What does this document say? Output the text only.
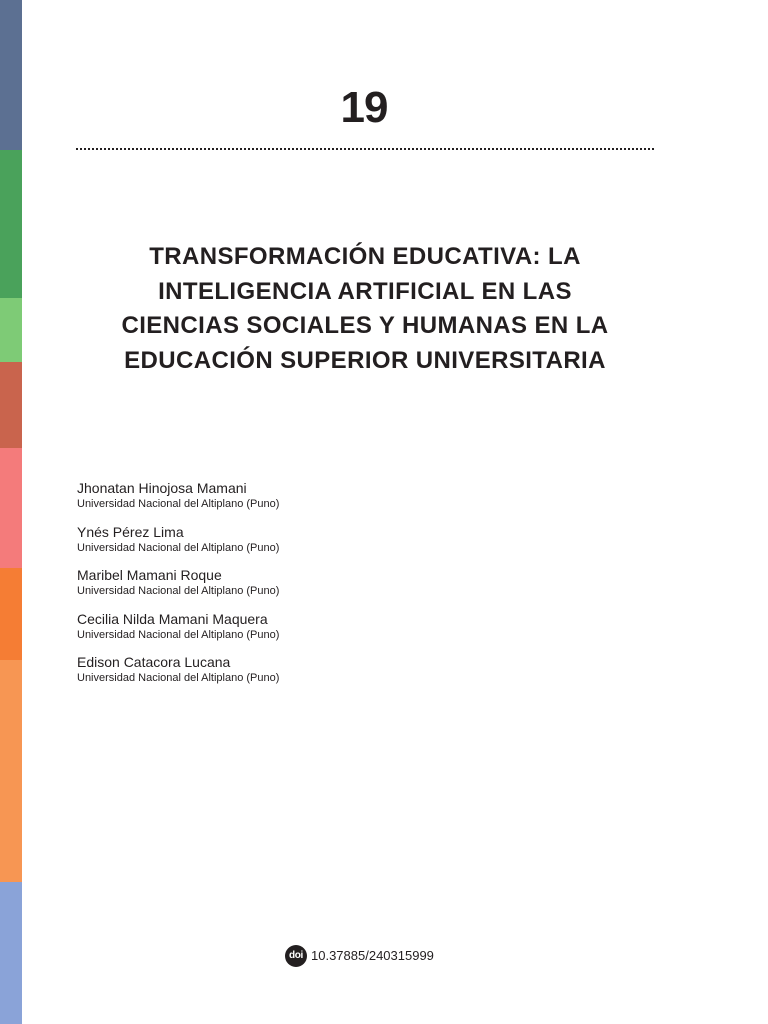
19
TRANSFORMACIÓN EDUCATIVA: LA
INTELIGENCIA ARTIFICIAL EN LAS
CIENCIAS SOCIALES Y HUMANAS EN LA
EDUCACIÓN SUPERIOR UNIVERSITARIA
Jhonatan Hinojosa Mamani
Universidad Nacional del Altiplano (Puno)
Ynés Pérez Lima
Universidad Nacional del Altiplano (Puno)
Maribel Mamani Roque
Universidad Nacional del Altiplano (Puno)
Cecilia Nilda Mamani Maquera
Universidad Nacional del Altiplano (Puno)
Edison Catacora Lucana
Universidad Nacional del Altiplano (Puno)
doi 10.37885/240315999
